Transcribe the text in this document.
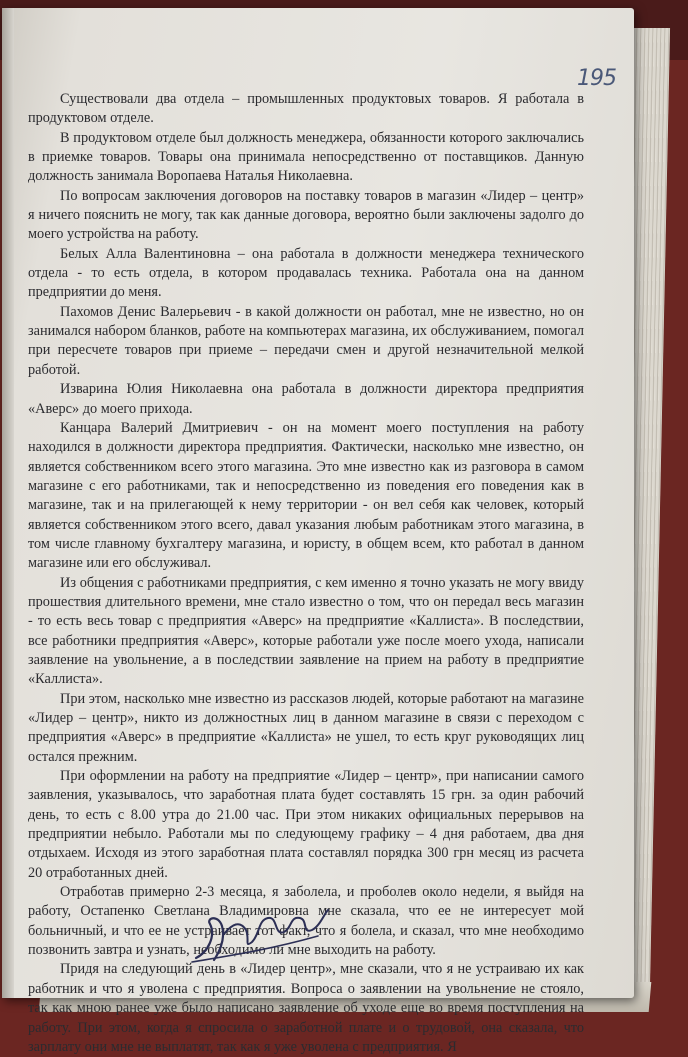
195

Существовали два отдела – промышленных продуктовых товаров. Я работала в продуктовом отделе.

В продуктовом отделе был должность менеджера, обязанности которого заключались в приемке товаров. Товары она принимала непосредственно от поставщиков. Данную должность занимала Воропаева Наталья Николаевна.

По вопросам заключения договоров на поставку товаров в магазин «Лидер – центр» я ничего пояснить не могу, так как данные договора, вероятно были заключены задолго до моего устройства на работу.

Белых Алла Валентиновна – она работала в должности менеджера технического отдела - то есть отдела, в котором продавалась техника. Работала она на данном предприятии до меня.

Пахомов Денис Валерьевич - в какой должности он работал, мне не известно, но он занимался набором бланков, работе на компьютерах магазина, их обслуживанием, помогал при пересчете товаров при приеме – передачи смен и другой незначительной мелкой работой.

Изварина Юлия Николаевна она работала в должности директора предприятия «Аверс» до моего прихода.

Канцара Валерий Дмитриевич - он на момент моего поступления на работу находился в должности директора предприятия. Фактически, насколько мне известно, он является собственником всего этого магазина. Это мне известно как из разговора в самом магазине с его работниками, так и непосредственно из поведения его поведения как в магазине, так и на прилегающей к нему территории - он вел себя как человек, который является собственником этого всего, давал указания любым работникам этого магазина, в том числе главному бухгалтеру магазина, и юристу, в общем всем, кто работал в данном магазине или его обслуживал.

Из общения с работниками предприятия, с кем именно я точно указать не могу ввиду прошествия длительного времени, мне стало известно о том, что он передал весь магазин - то есть весь товар с предприятия «Аверс» на предприятие «Каллиста». В последствии, все работники предприятия «Аверс», которые работали уже после моего ухода, написали заявление на увольнение, а в последствии заявление на прием на работу в предприятие «Каллиста».

При этом, насколько мне известно из рассказов людей, которые работают на магазине «Лидер – центр», никто из должностных лиц в данном магазине в связи с переходом с предприятия «Аверс» в предприятие «Каллиста» не ушел, то есть круг руководящих лиц остался прежним.

При оформлении на работу на предприятие «Лидер – центр», при написании самого заявления, указывалось, что заработная плата будет составлять 15 грн. за один рабочий день, то есть с 8.00 утра до 21.00 час. При этом никаких официальных перерывов на предприятии небыло. Работали мы по следующему графику – 4 дня работаем, два дня отдыхаем. Исходя из этого заработная плата составлял порядка 300 грн месяц из расчета 20 отработанных дней.

Отработав примерно 2-3 месяца, я заболела, и проболев около недели, я выйдя на работу, Остапенко Светлана Владимировна мне сказала, что ее не интересует мой больничный, и что ее не устраивает тот факт, что я болела, и сказал, что мне необходимо позвонить завтра и узнать, необходимо ли мне выходить на работу.

Придя на следующий день в «Лидер центр», мне сказали, что я не устраиваю их как работник и что я уволена с предприятия. Вопроса о заявлении на увольнение не стояло, так как мною ранее уже было написано заявление об уходе еще во время поступления на работу. При этом, когда я спросила о заработной плате и о трудовой, она сказала, что зарплату они мне не выплатят, так как я уже уволена с предприятия. Я
